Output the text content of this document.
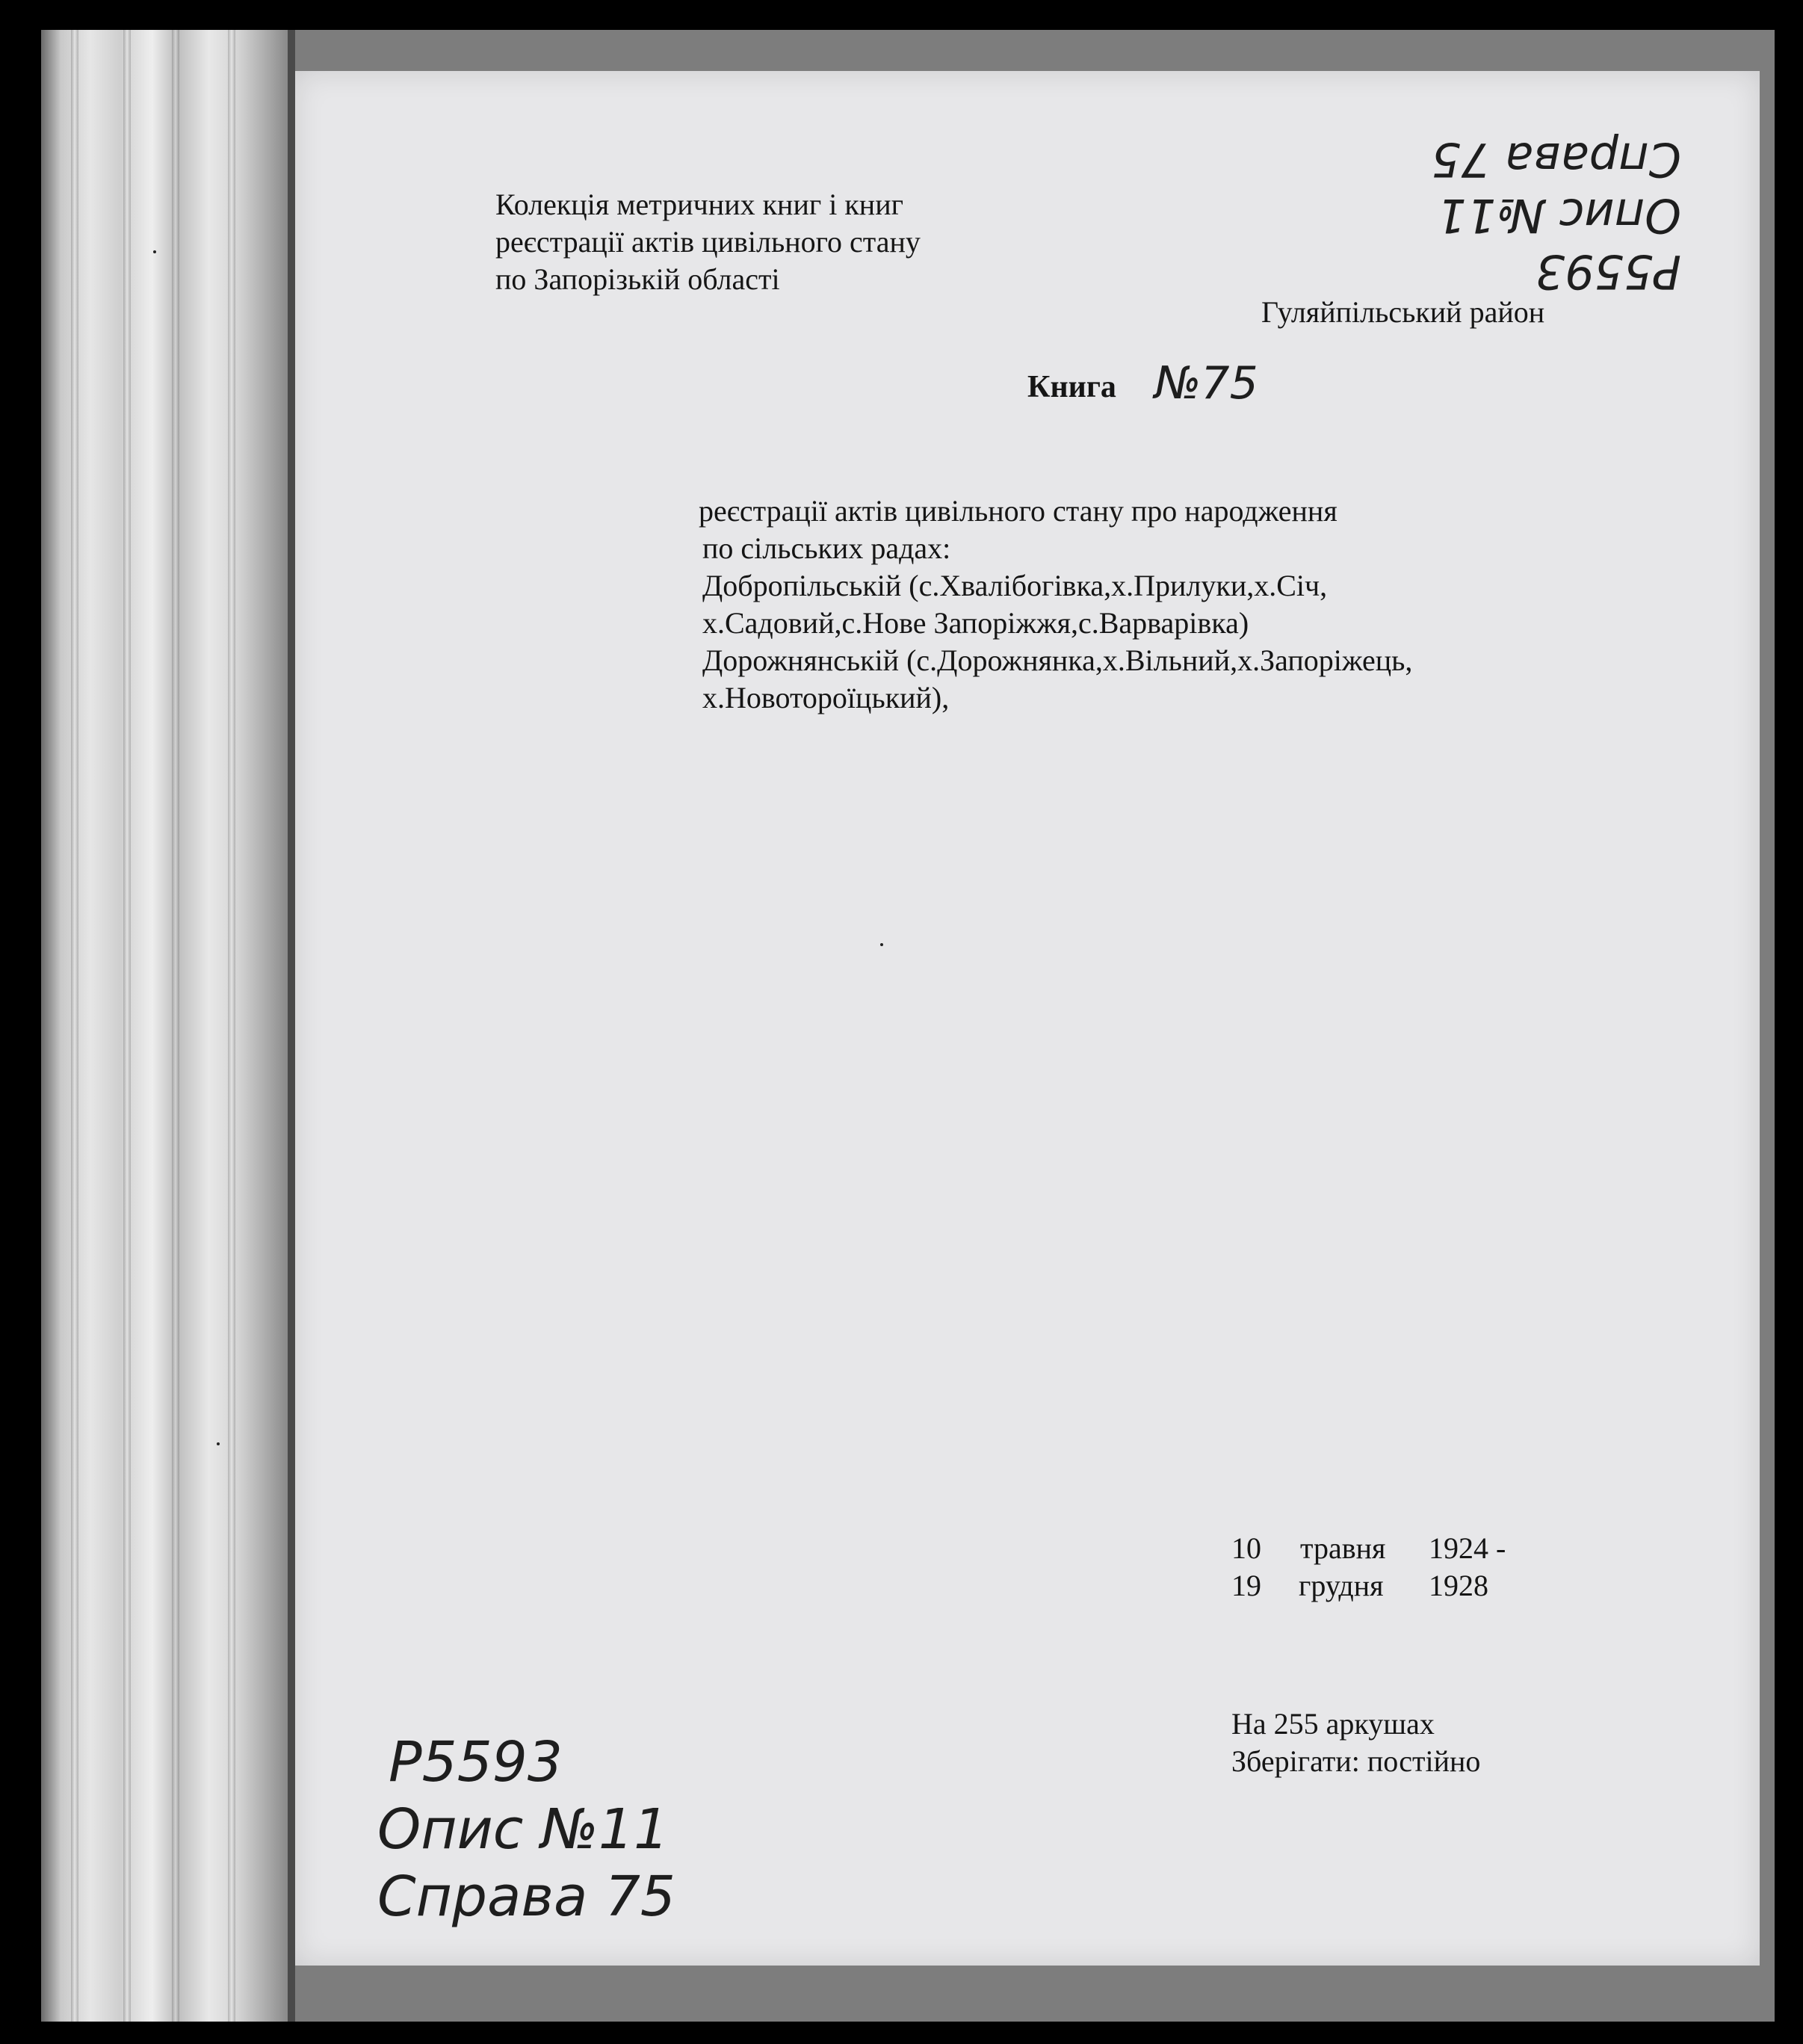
Колекція метричних книг і книг
реєстрації актів цивільного стану
по Запорізькій області
Гуляйпільський район
Книга №75
реєстрації актів цивільного стану про народження
по сільських радах:
Добропільській (с.Хвалібогівка,х.Прилуки,х.Січ,
х.Садовий,с.Нове Запоріжжя,с.Варварівка)
Дорожнянській (с.Дорожнянка,х.Вільний,х.Запоріжець,
х.Новотороїцький),
10 травня 1924 -
19 грудня 1928
На 255 аркушах
Зберігати: постійно
Р5593
Опис №11
Справа 75
Р5593
Опис №11
Справа 75
